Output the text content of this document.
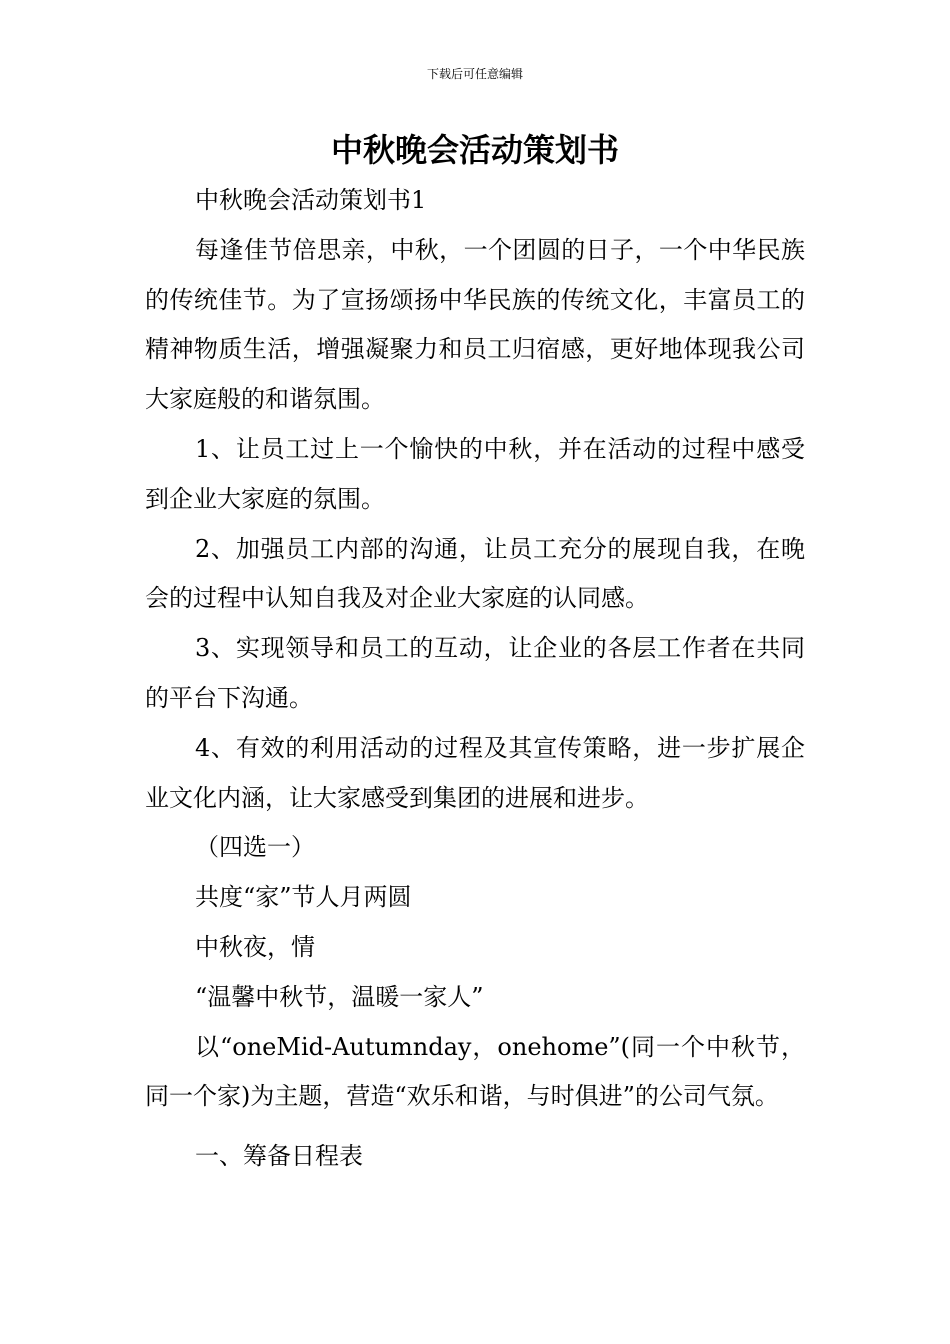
下载后可任意编辑
中秋晚会活动策划书

中秋晚会活动策划书1

每逢佳节倍思亲，中秋，一个团圆的日子，一个中华民族的传统佳节。为了宣扬颂扬中华民族的传统文化，丰富员工的精神物质生活，增强凝聚力和员工归宿感，更好地体现我公司大家庭般的和谐氛围。

1、让员工过上一个愉快的中秋，并在活动的过程中感受到企业大家庭的氛围。

2、加强员工内部的沟通，让员工充分的展现自我，在晚会的过程中认知自我及对企业大家庭的认同感。

3、实现领导和员工的互动，让企业的各层工作者在共同的平台下沟通。

4、有效的利用活动的过程及其宣传策略，进一步扩展企业文化内涵，让大家感受到集团的进展和进步。

（四选一）

共度“家”节人月两圆

中秋夜，情

“温馨中秋节，温暖一家人”

以“oneMid-Autumnday，onehome”(同一个中秋节，同一个家)为主题，营造“欢乐和谐，与时俱进”的公司气氛。

一、筹备日程表
